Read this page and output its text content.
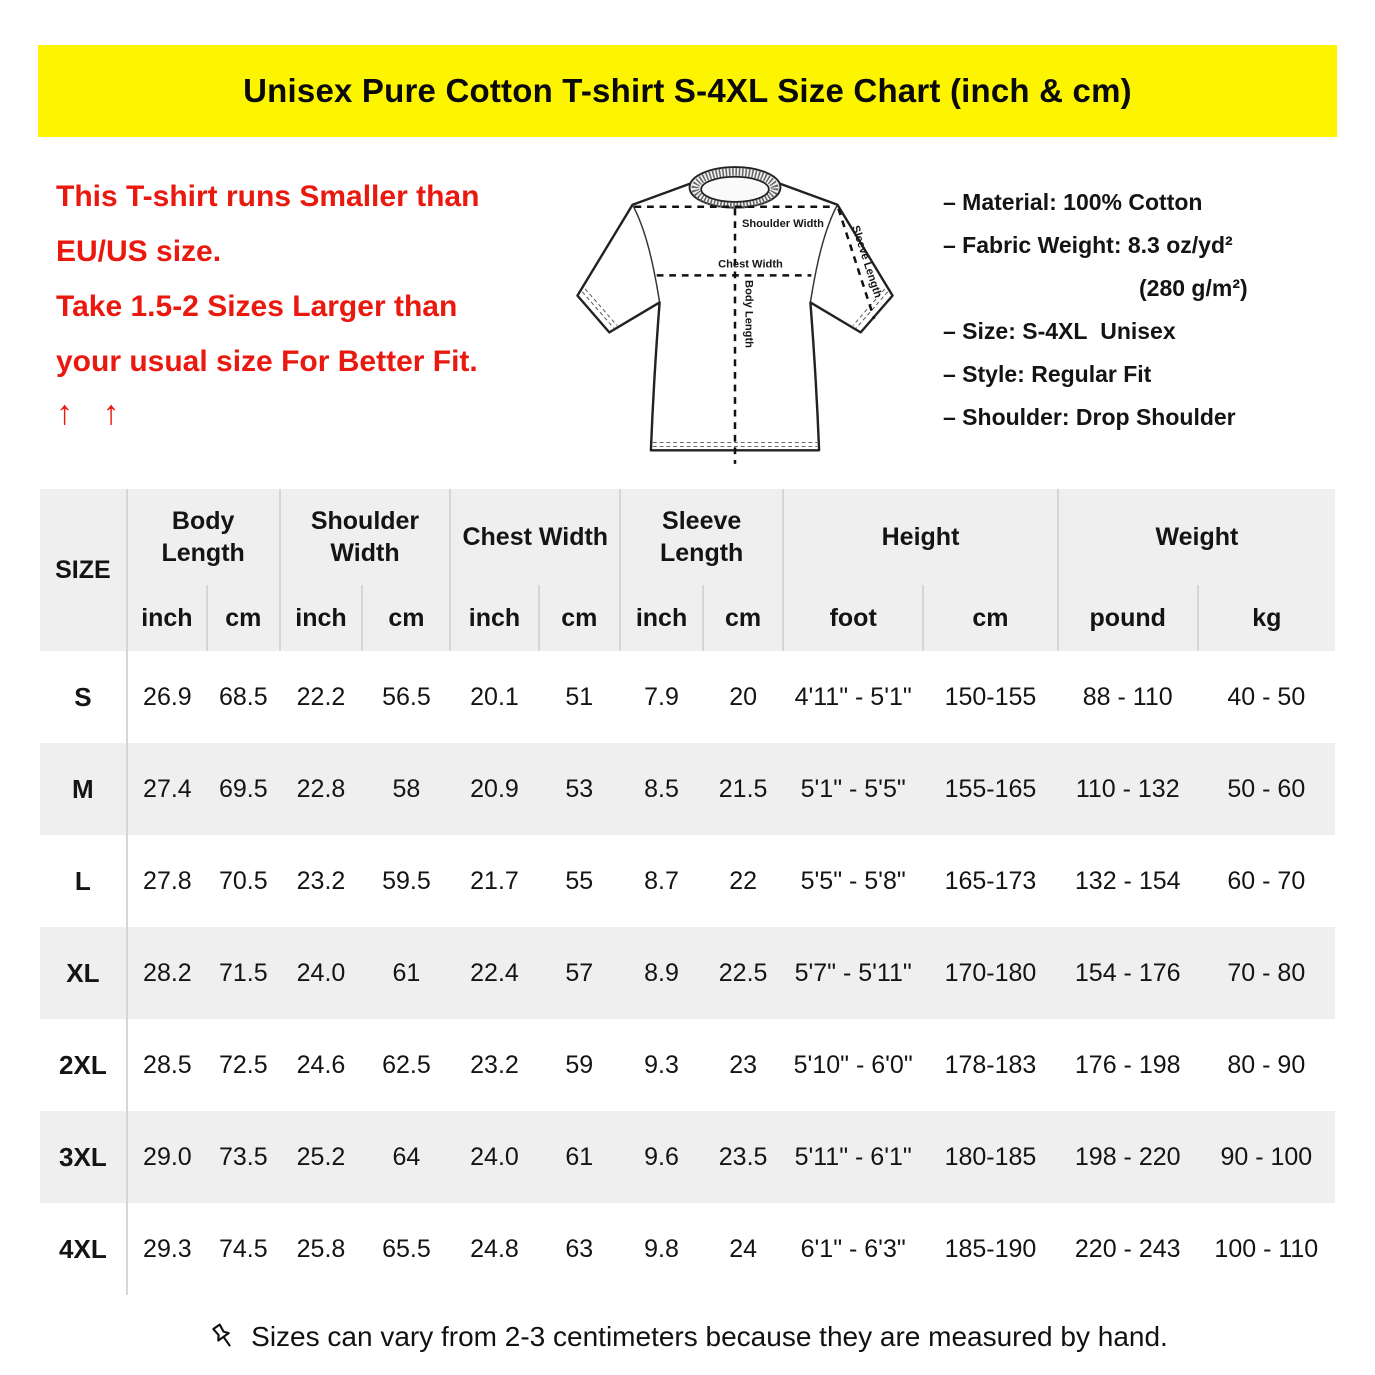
Unisex Pure Cotton T-shirt S-4XL Size Chart (inch & cm)
This T-shirt runs Smaller than
EU/US size.
Take 1.5-2 Sizes Larger than
your usual size For Better Fit.
↑ ↑
Shoulder Width
Chest Width
Body Length
Sleeve Length
– Material: 100% Cotton
– Fabric Weight: 8.3 oz/yd²
(280 g/m²)
– Size: S-4XL  Unisex
– Style: Regular Fit
– Shoulder: Drop Shoulder
SIZE	Body Length		Shoulder Width		Chest Width		Sleeve Length		Height		Weight	
	inch	cm	inch	cm	inch	cm	inch	cm	foot	cm	pound	kg
S	26.9	68.5	22.2	56.5	20.1	51	7.9	20	4'11" - 5'1"	150-155	88 - 110	40 - 50
M	27.4	69.5	22.8	58	20.9	53	8.5	21.5	5'1" - 5'5"	155-165	110 - 132	50 - 60
L	27.8	70.5	23.2	59.5	21.7	55	8.7	22	5'5" - 5'8"	165-173	132 - 154	60 - 70
XL	28.2	71.5	24.0	61	22.4	57	8.9	22.5	5'7" - 5'11"	170-180	154 - 176	70 - 80
2XL	28.5	72.5	24.6	62.5	23.2	59	9.3	23	5'10" - 6'0"	178-183	176 - 198	80 - 90
3XL	29.0	73.5	25.2	64	24.0	61	9.6	23.5	5'11" - 6'1"	180-185	198 - 220	90 - 100
4XL	29.3	74.5	25.8	65.5	24.8	63	9.8	24	6'1" - 6'3"	185-190	220 - 243	100 - 110
Sizes can vary from 2-3 centimeters because they are measured by hand.
